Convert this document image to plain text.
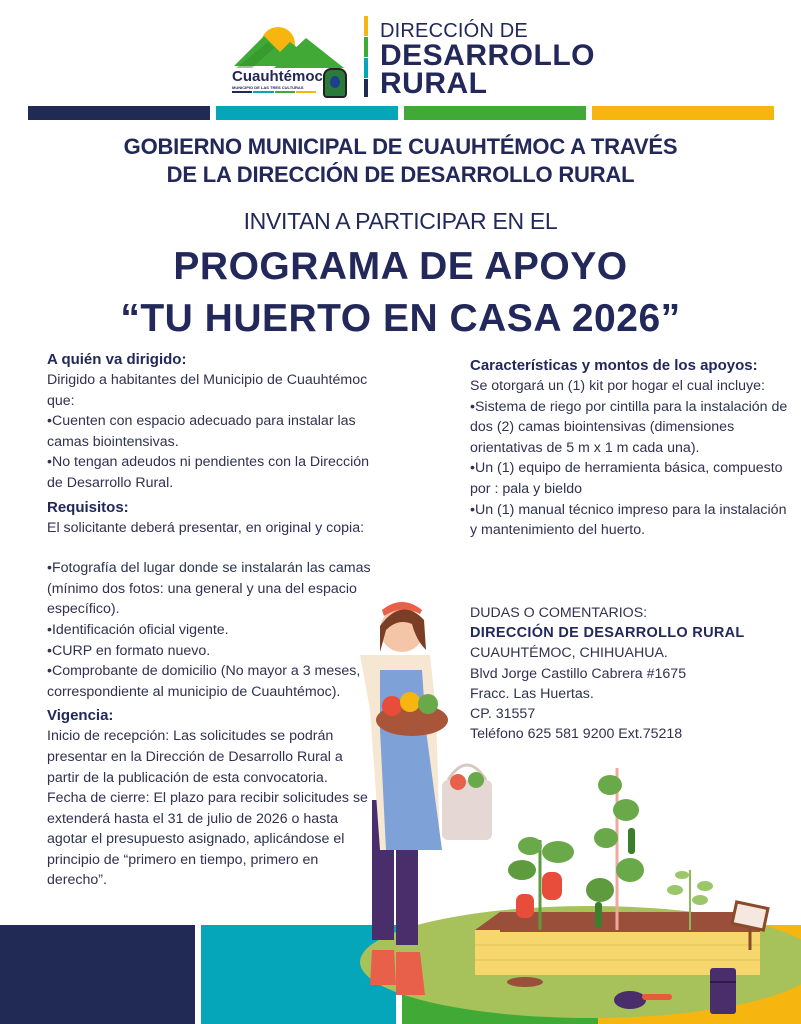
Cuauhtémoc
MUNICIPIO DE LAS TRES CULTURAS
DIRECCIÓN DE
DESARROLLO
RURAL
GOBIERNO MUNICIPAL DE CUAUHTÉMOC A TRAVÉS
DE LA DIRECCIÓN DE DESARROLLO RURAL
INVITAN A PARTICIPAR EN EL
PROGRAMA DE APOYO
“TU HUERTO EN CASA 2026”
A quién va dirigido:

Dirigido a habitantes del Municipio de Cuauhtémoc que:

•Cuenten con espacio adecuado para instalar las camas biointensivas.

•No tengan adeudos ni pendientes con la Dirección de Desarrollo Rural.

Requisitos:

El solicitante deberá presentar, en original y copia:

•Fotografía del lugar donde se instalarán las camas (mínimo dos fotos: una general y una del espacio específico).

•Identificación oficial vigente.

•CURP en formato nuevo.

•Comprobante de domicilio (No mayor a 3 meses, correspondiente al municipio de Cuauhtémoc).

Vigencia:

Inicio de recepción: Las solicitudes se podrán presentar en la Dirección de Desarrollo Rural a partir de la publicación de esta convocatoria.

Fecha de cierre: El plazo para recibir solicitudes se extenderá hasta el 31 de julio de 2026 o hasta agotar el presupuesto asignado, aplicándose el principio de “primero en tiempo, primero en derecho”.

Características y montos de los apoyos:

Se otorgará un (1) kit por hogar el cual incluye:

•Sistema de riego por cintilla para la instalación de dos (2) camas biointensivas (dimensiones orientativas de 5 m x 1 m cada una).

•Un (1) equipo de herramienta básica, compuesto por : pala y bieldo

•Un (1) manual técnico impreso para la instalación y mantenimiento del huerto.

DUDAS O COMENTARIOS:
DIRECCIÓN DE DESARROLLO RURAL
CUAUHTÉMOC, CHIHUAHUA.
Blvd Jorge Castillo Cabrera #1675
Fracc. Las Huertas.
CP. 31557
Teléfono 625 581 9200 Ext.75218
